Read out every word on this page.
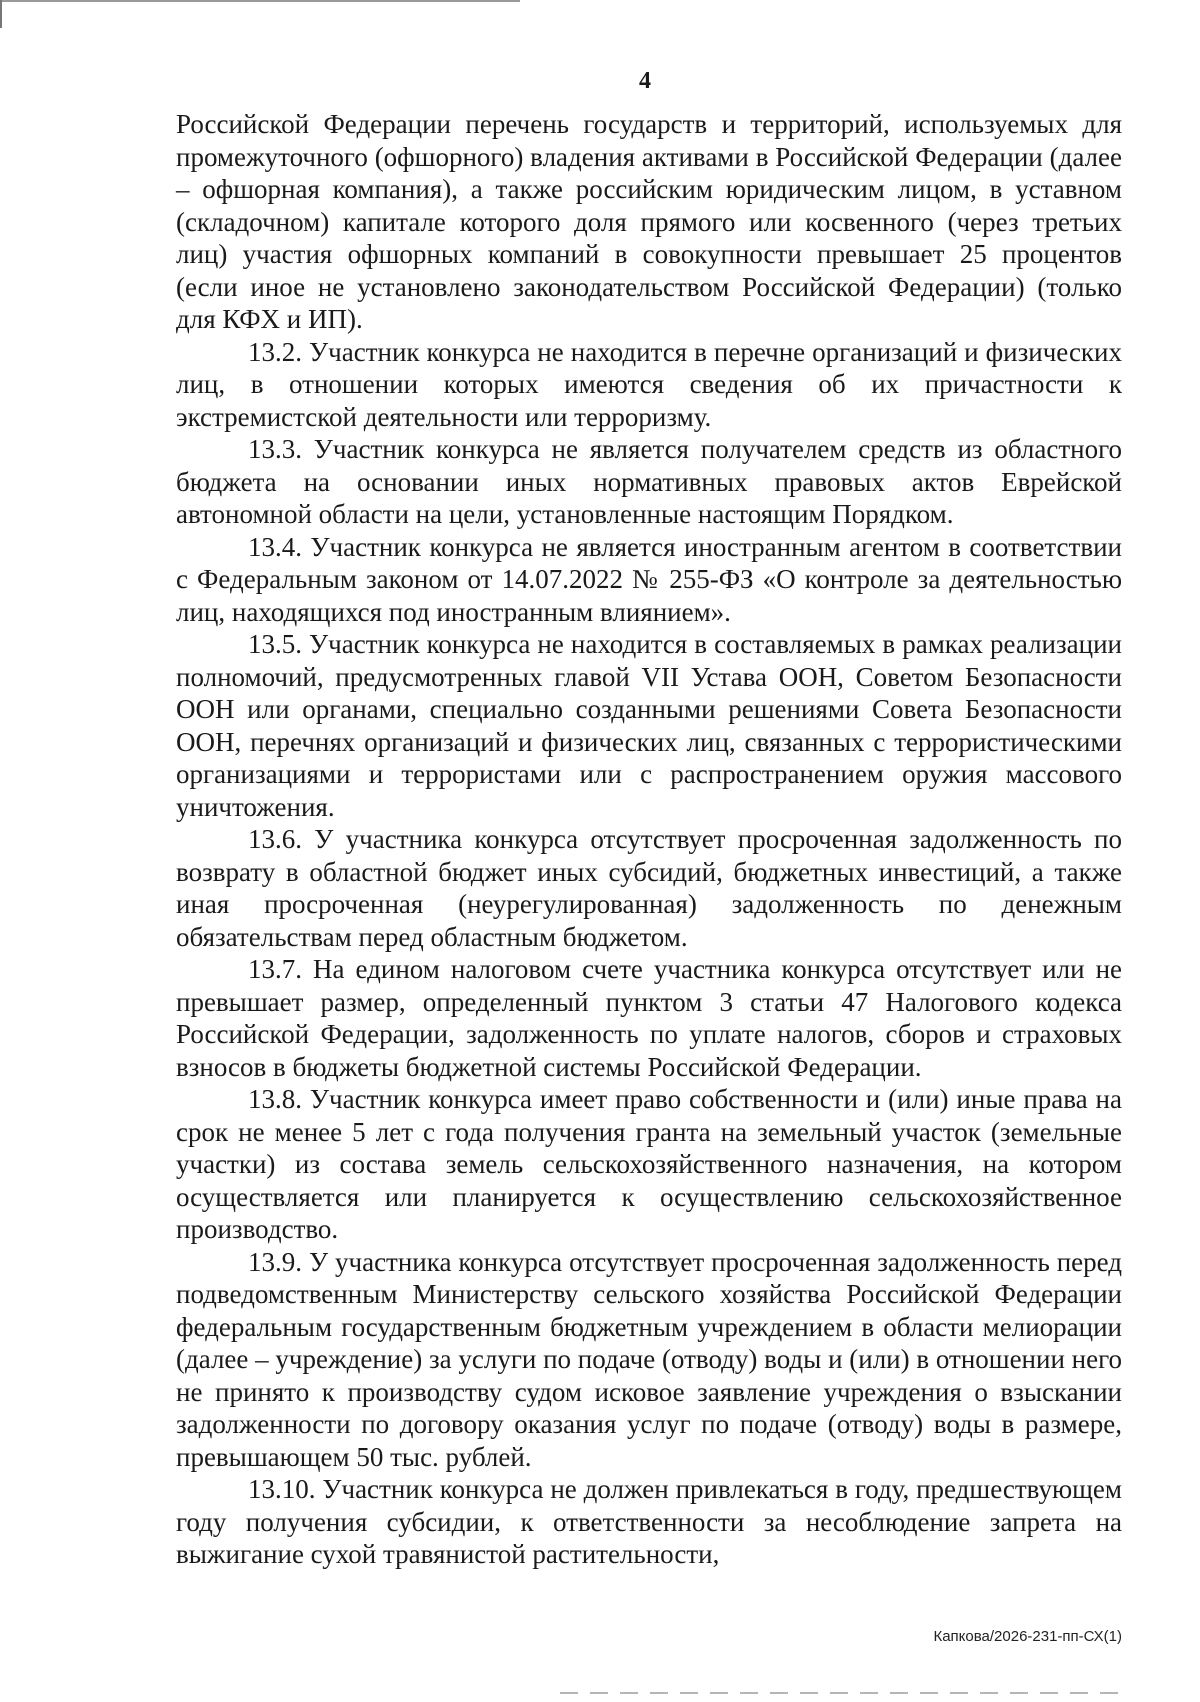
4

Российской Федерации перечень государств и территорий, используемых для промежуточного (офшорного) владения активами в Российской Федерации (далее – офшорная компания), а также российским юридическим лицом, в уставном (складочном) капитале которого доля прямого или косвенного (через третьих лиц) участия офшорных компаний в совокупности превышает 25 процентов (если иное не установлено законодательством Российской Федерации) (только для КФХ и ИП).

13.2. Участник конкурса не находится в перечне организаций и физических лиц, в отношении которых имеются сведения об их причастности к экстремистской деятельности или терроризму.

13.3. Участник конкурса не является получателем средств из областного бюджета на основании иных нормативных правовых актов Еврейской автономной области на цели, установленные настоящим Порядком.

13.4. Участник конкурса не является иностранным агентом в соответствии с Федеральным законом от 14.07.2022 № 255-ФЗ «О контроле за деятельностью лиц, находящихся под иностранным влиянием».

13.5. Участник конкурса не находится в составляемых в рамках реализации полномочий, предусмотренных главой VII Устава ООН, Советом Безопасности ООН или органами, специально созданными решениями Совета Безопасности ООН, перечнях организаций и физических лиц, связанных с террористическими организациями и террористами или с распространением оружия массового уничтожения.

13.6. У участника конкурса отсутствует просроченная задолженность по возврату в областной бюджет иных субсидий, бюджетных инвестиций, а также иная просроченная (неурегулированная) задолженность по денежным обязательствам перед областным бюджетом.

13.7. На едином налоговом счете участника конкурса отсутствует или не превышает размер, определенный пунктом 3 статьи 47 Налогового кодекса Российской Федерации, задолженность по уплате налогов, сборов и страховых взносов в бюджеты бюджетной системы Российской Федерации.

13.8. Участник конкурса имеет право собственности и (или) иные права на срок не менее 5 лет с года получения гранта на земельный участок (земельные участки) из состава земель сельскохозяйственного назначения, на котором осуществляется или планируется к осуществлению сельскохозяйственное производство.

13.9. У участника конкурса отсутствует просроченная задолженность перед подведомственным Министерству сельского хозяйства Российской Федерации федеральным государственным бюджетным учреждением в области мелиорации (далее – учреждение) за услуги по подаче (отводу) воды и (или) в отношении него не принято к производству судом исковое заявление учреждения о взыскании задолженности по договору оказания услуг по подаче (отводу) воды в размере, превышающем 50 тыс. рублей.

13.10. Участник конкурса не должен привлекаться в году, предшествующем году получения субсидии, к ответственности за несоблюдение запрета на выжигание сухой травянистой растительности,

Капкова/2026-231-пп-СХ(1)
